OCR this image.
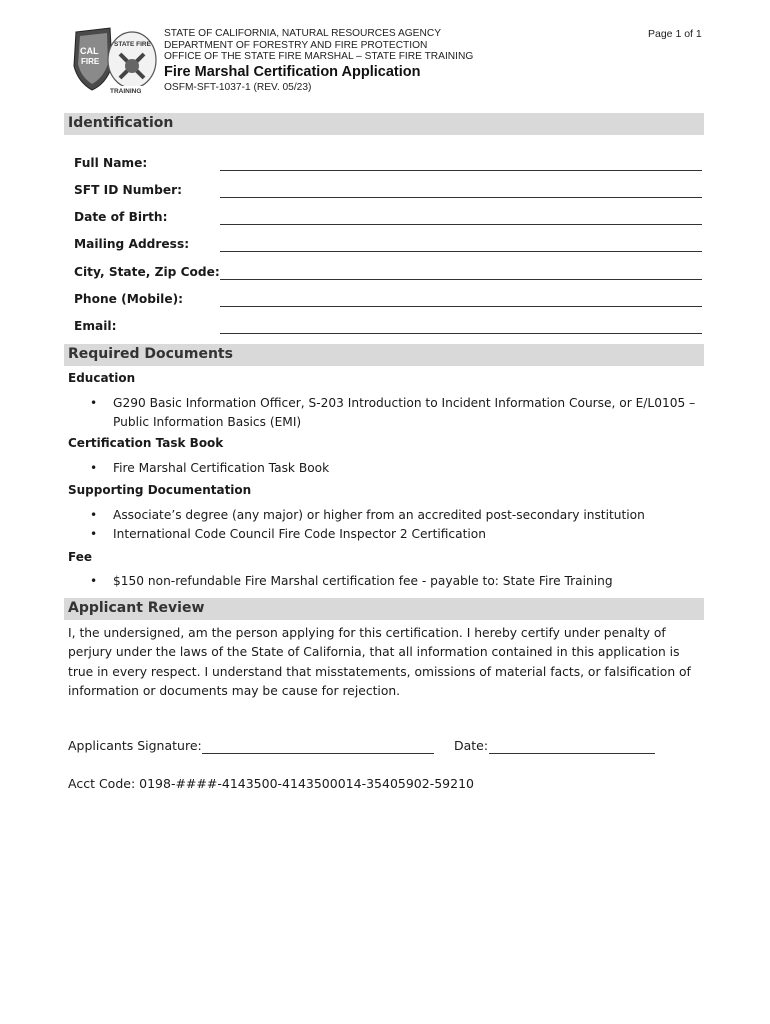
CAL
FIRE
STATE FIRE
TRAINING
STATE OF CALIFORNIA, NATURAL RESOURCES AGENCY
DEPARTMENT OF FORESTRY AND FIRE PROTECTION
OFFICE OF THE STATE FIRE MARSHAL – STATE FIRE TRAINING
Fire Marshal Certification Application
OSFM-SFT-1037-1 (REV. 05/23)
Page 1 of 1
Identification
Full Name:
SFT ID Number:
Date of Birth:
Mailing Address:
City, State, Zip Code:
Phone (Mobile):
Email:
Required Documents
Education
• G290 Basic Information Officer, S-203 Introduction to Incident Information Course, or E/L0105 – Public Information Basics (EMI)
Certification Task Book
• Fire Marshal Certification Task Book
Supporting Documentation
• Associate’s degree (any major) or higher from an accredited post-secondary institution
• International Code Council Fire Code Inspector 2 Certification
Fee
• $150 non-refundable Fire Marshal certification fee - payable to: State Fire Training
Applicant Review
I, the undersigned, am the person applying for this certification. I hereby certify under penalty of perjury under the laws of the State of California, that all information contained in this application is true in every respect. I understand that misstatements, omissions of material facts, or falsification of information or documents may be cause for rejection.
Applicants Signature:	Date:
Acct Code: 0198-####-4143500-4143500014-35405902-59210
